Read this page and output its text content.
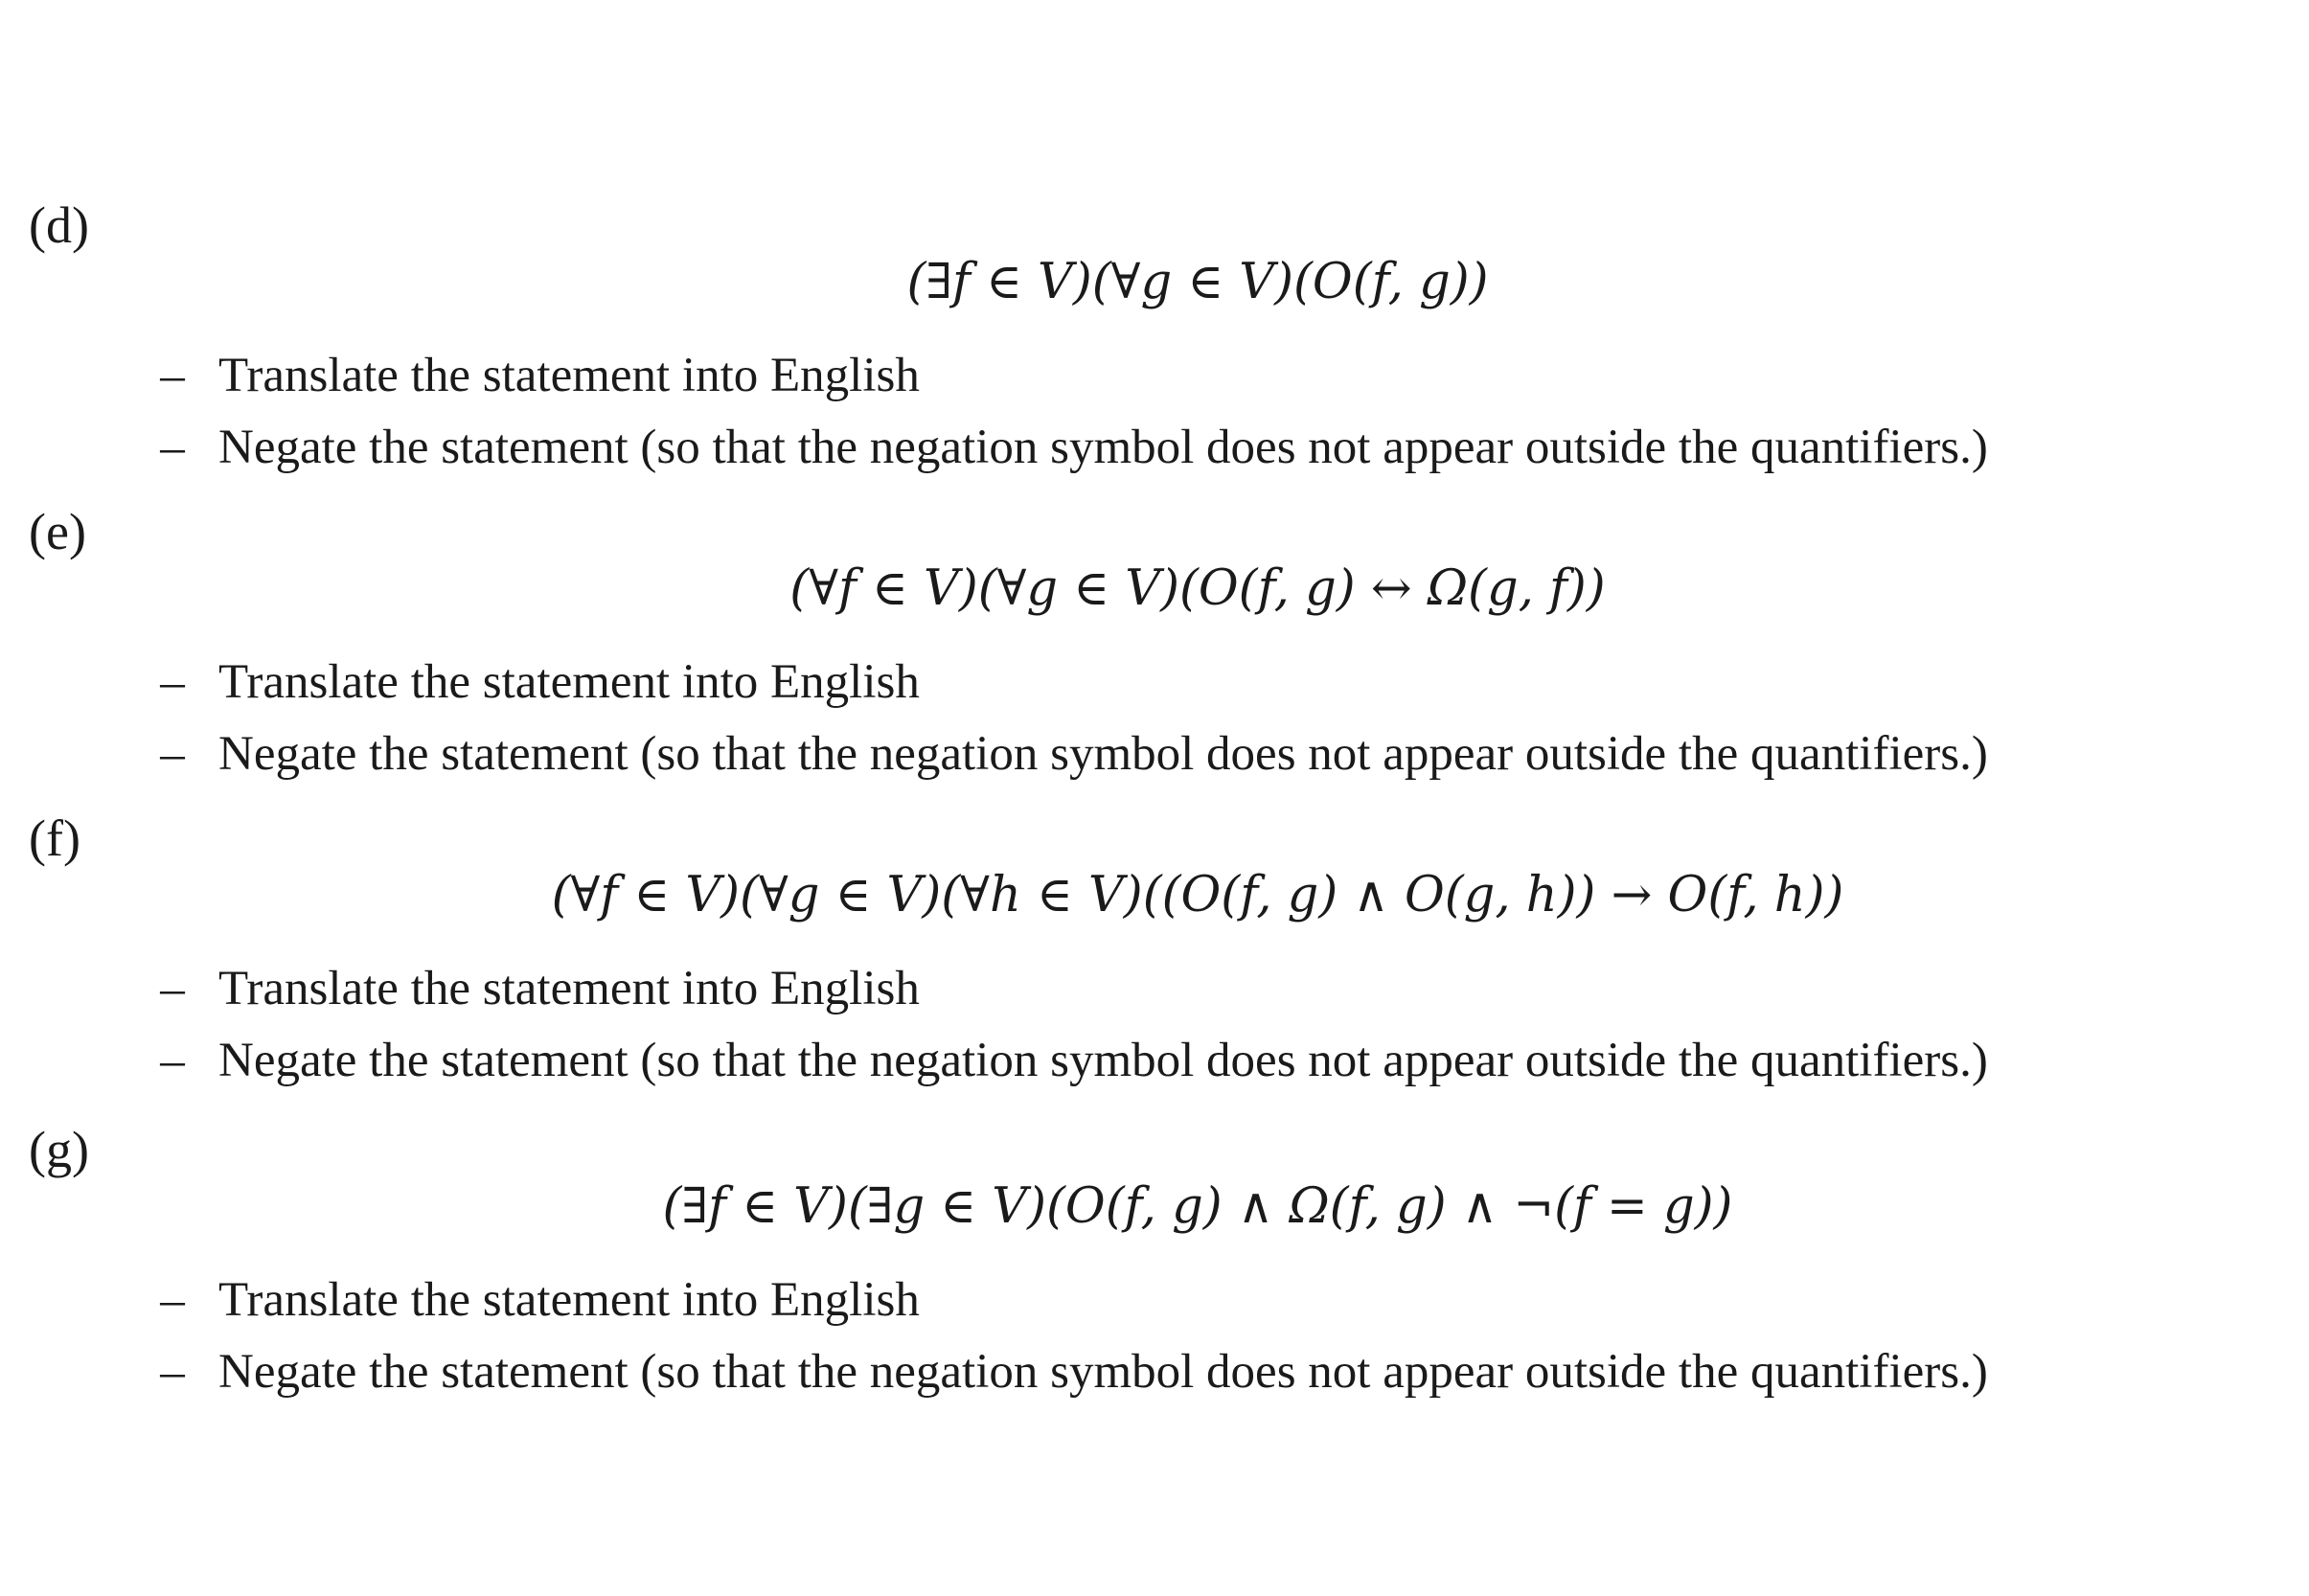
(d)
(∃f ∈ V)(∀g ∈ V)(O(f, g))
– Translate the statement into English
– Negate the statement (so that the negation symbol does not appear outside the quantifiers.)
(e)
(∀f ∈ V)(∀g ∈ V)(O(f, g) ↔ Ω(g, f))
– Translate the statement into English
– Negate the statement (so that the negation symbol does not appear outside the quantifiers.)
(f)
(∀f ∈ V)(∀g ∈ V)(∀h ∈ V)((O(f, g) ∧ O(g, h)) → O(f, h))
– Translate the statement into English
– Negate the statement (so that the negation symbol does not appear outside the quantifiers.)
(g)
(∃f ∈ V)(∃g ∈ V)(O(f, g) ∧ Ω(f, g) ∧ ¬(f = g))
– Translate the statement into English
– Negate the statement (so that the negation symbol does not appear outside the quantifiers.)
